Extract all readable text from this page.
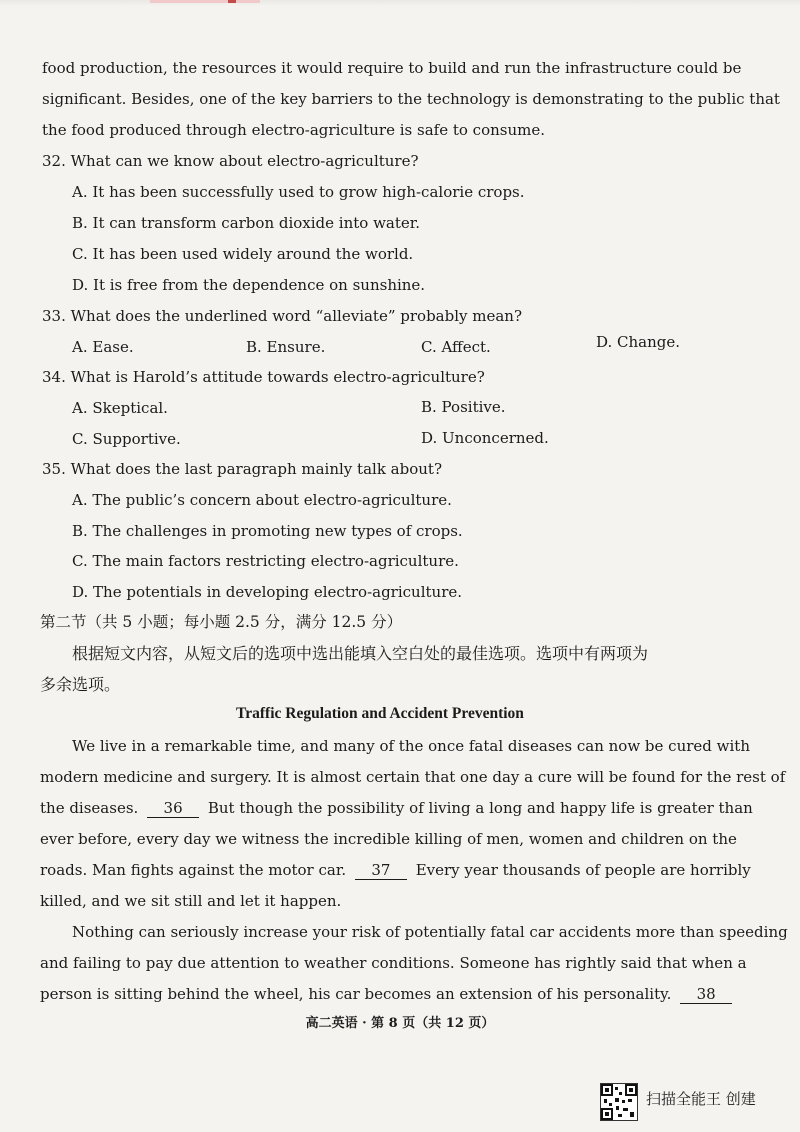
food production, the resources it would require to build and run the infrastructure could be
significant. Besides, one of the key barriers to the technology is demonstrating to the public that
the food produced through electro-agriculture is safe to consume.
32. What can we know about electro-agriculture?
A. It has been successfully used to grow high-calorie crops.
B. It can transform carbon dioxide into water.
C. It has been used widely around the world.
D. It is free from the dependence on sunshine.
33. What does the underlined word “alleviate” probably mean?
A. Ease.	B. Ensure.	C. Affect.	D. Change.
34. What is Harold’s attitude towards electro-agriculture?
A. Skeptical.	B. Positive.
C. Supportive.	D. Unconcerned.
35. What does the last paragraph mainly talk about?
A. The public’s concern about electro-agriculture.
B. The challenges in promoting new types of crops.
C. The main factors restricting electro-agriculture.
D. The potentials in developing electro-agriculture.
第二节（共 5 小题；每小题 2.5 分，满分 12.5 分）
根据短文内容，从短文后的选项中选出能填入空白处的最佳选项。选项中有两项为
多余选项。
Traffic Regulation and Accident Prevention
We live in a remarkable time, and many of the once fatal diseases can now be cured with
modern medicine and surgery. It is almost certain that one day a cure will be found for the rest of
the diseases. 36 But though the possibility of living a long and happy life is greater than
ever before, every day we witness the incredible killing of men, women and children on the
roads. Man fights against the motor car. 37 Every year thousands of people are horribly
killed, and we sit still and let it happen.
Nothing can seriously increase your risk of potentially fatal car accidents more than speeding
and failing to pay due attention to weather conditions. Someone has rightly said that when a
person is sitting behind the wheel, his car becomes an extension of his personality. 38
高二英语 · 第 8 页（共 12 页）
扫描全能王 创建
